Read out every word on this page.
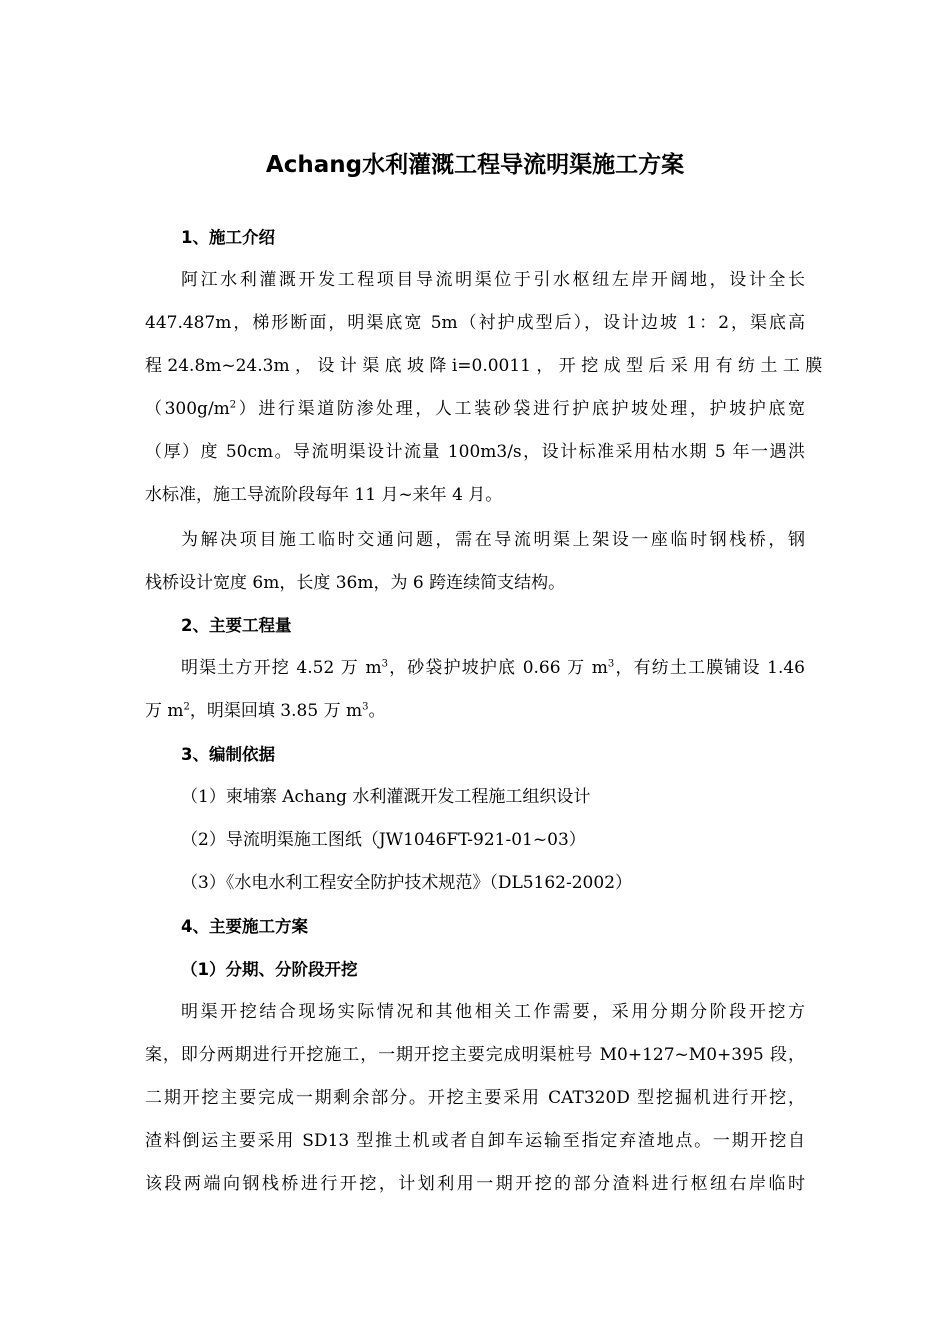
Achang水利灌溉工程导流明渠施工方案
1、施工介绍
阿江水利灌溉开发工程项目导流明渠位于引水枢纽左岸开阔地，设计全长
447.487m，梯形断面，明渠底宽 5m（衬护成型后），设计边坡 1：2，渠底高
程 24.8m~24.3m ， 设 计 渠 底 坡 降 i=0.0011 ， 开 挖 成 型 后 采 用 有 纺 土 工 膜
$(300g/m^2)$进行渠道防渗处理，人工装砂袋进行护底护坡处理，护坡护底宽
（厚）度 50cm。导流明渠设计流量 100m3/s，设计标准采用枯水期 5 年一遇洪
水标准，施工导流阶段每年 11 月~来年 4 月。
为解决项目施工临时交通问题，需在导流明渠上架设一座临时钢栈桥，钢
栈桥设计宽度 6m，长度 36m，为 6 跨连续简支结构。
2、主要工程量
明渠土方开挖 4.52 万 $m^3$，砂袋护坡护底 0.66 万 $m^3$，有纺土工膜铺设 1.46
万 $m^2$，明渠回填 3.85 万 $m^3$。
3、编制依据
（1）柬埔寨 Achang 水利灌溉开发工程施工组织设计
（2）导流明渠施工图纸（JW1046FT-921-01~03）
（3）《水电水利工程安全防护技术规范》（DL5162-2002）
4、主要施工方案
（1）分期、分阶段开挖
明渠开挖结合现场实际情况和其他相关工作需要，采用分期分阶段开挖方
案，即分两期进行开挖施工，一期开挖主要完成明渠桩号 M0+127~M0+395 段，
二期开挖主要完成一期剩余部分。开挖主要采用 CAT320D 型挖掘机进行开挖，
渣料倒运主要采用 SD13 型推土机或者自卸车运输至指定弃渣地点。一期开挖自
该段两端向钢栈桥进行开挖，计划利用一期开挖的部分渣料进行枢纽右岸临时
